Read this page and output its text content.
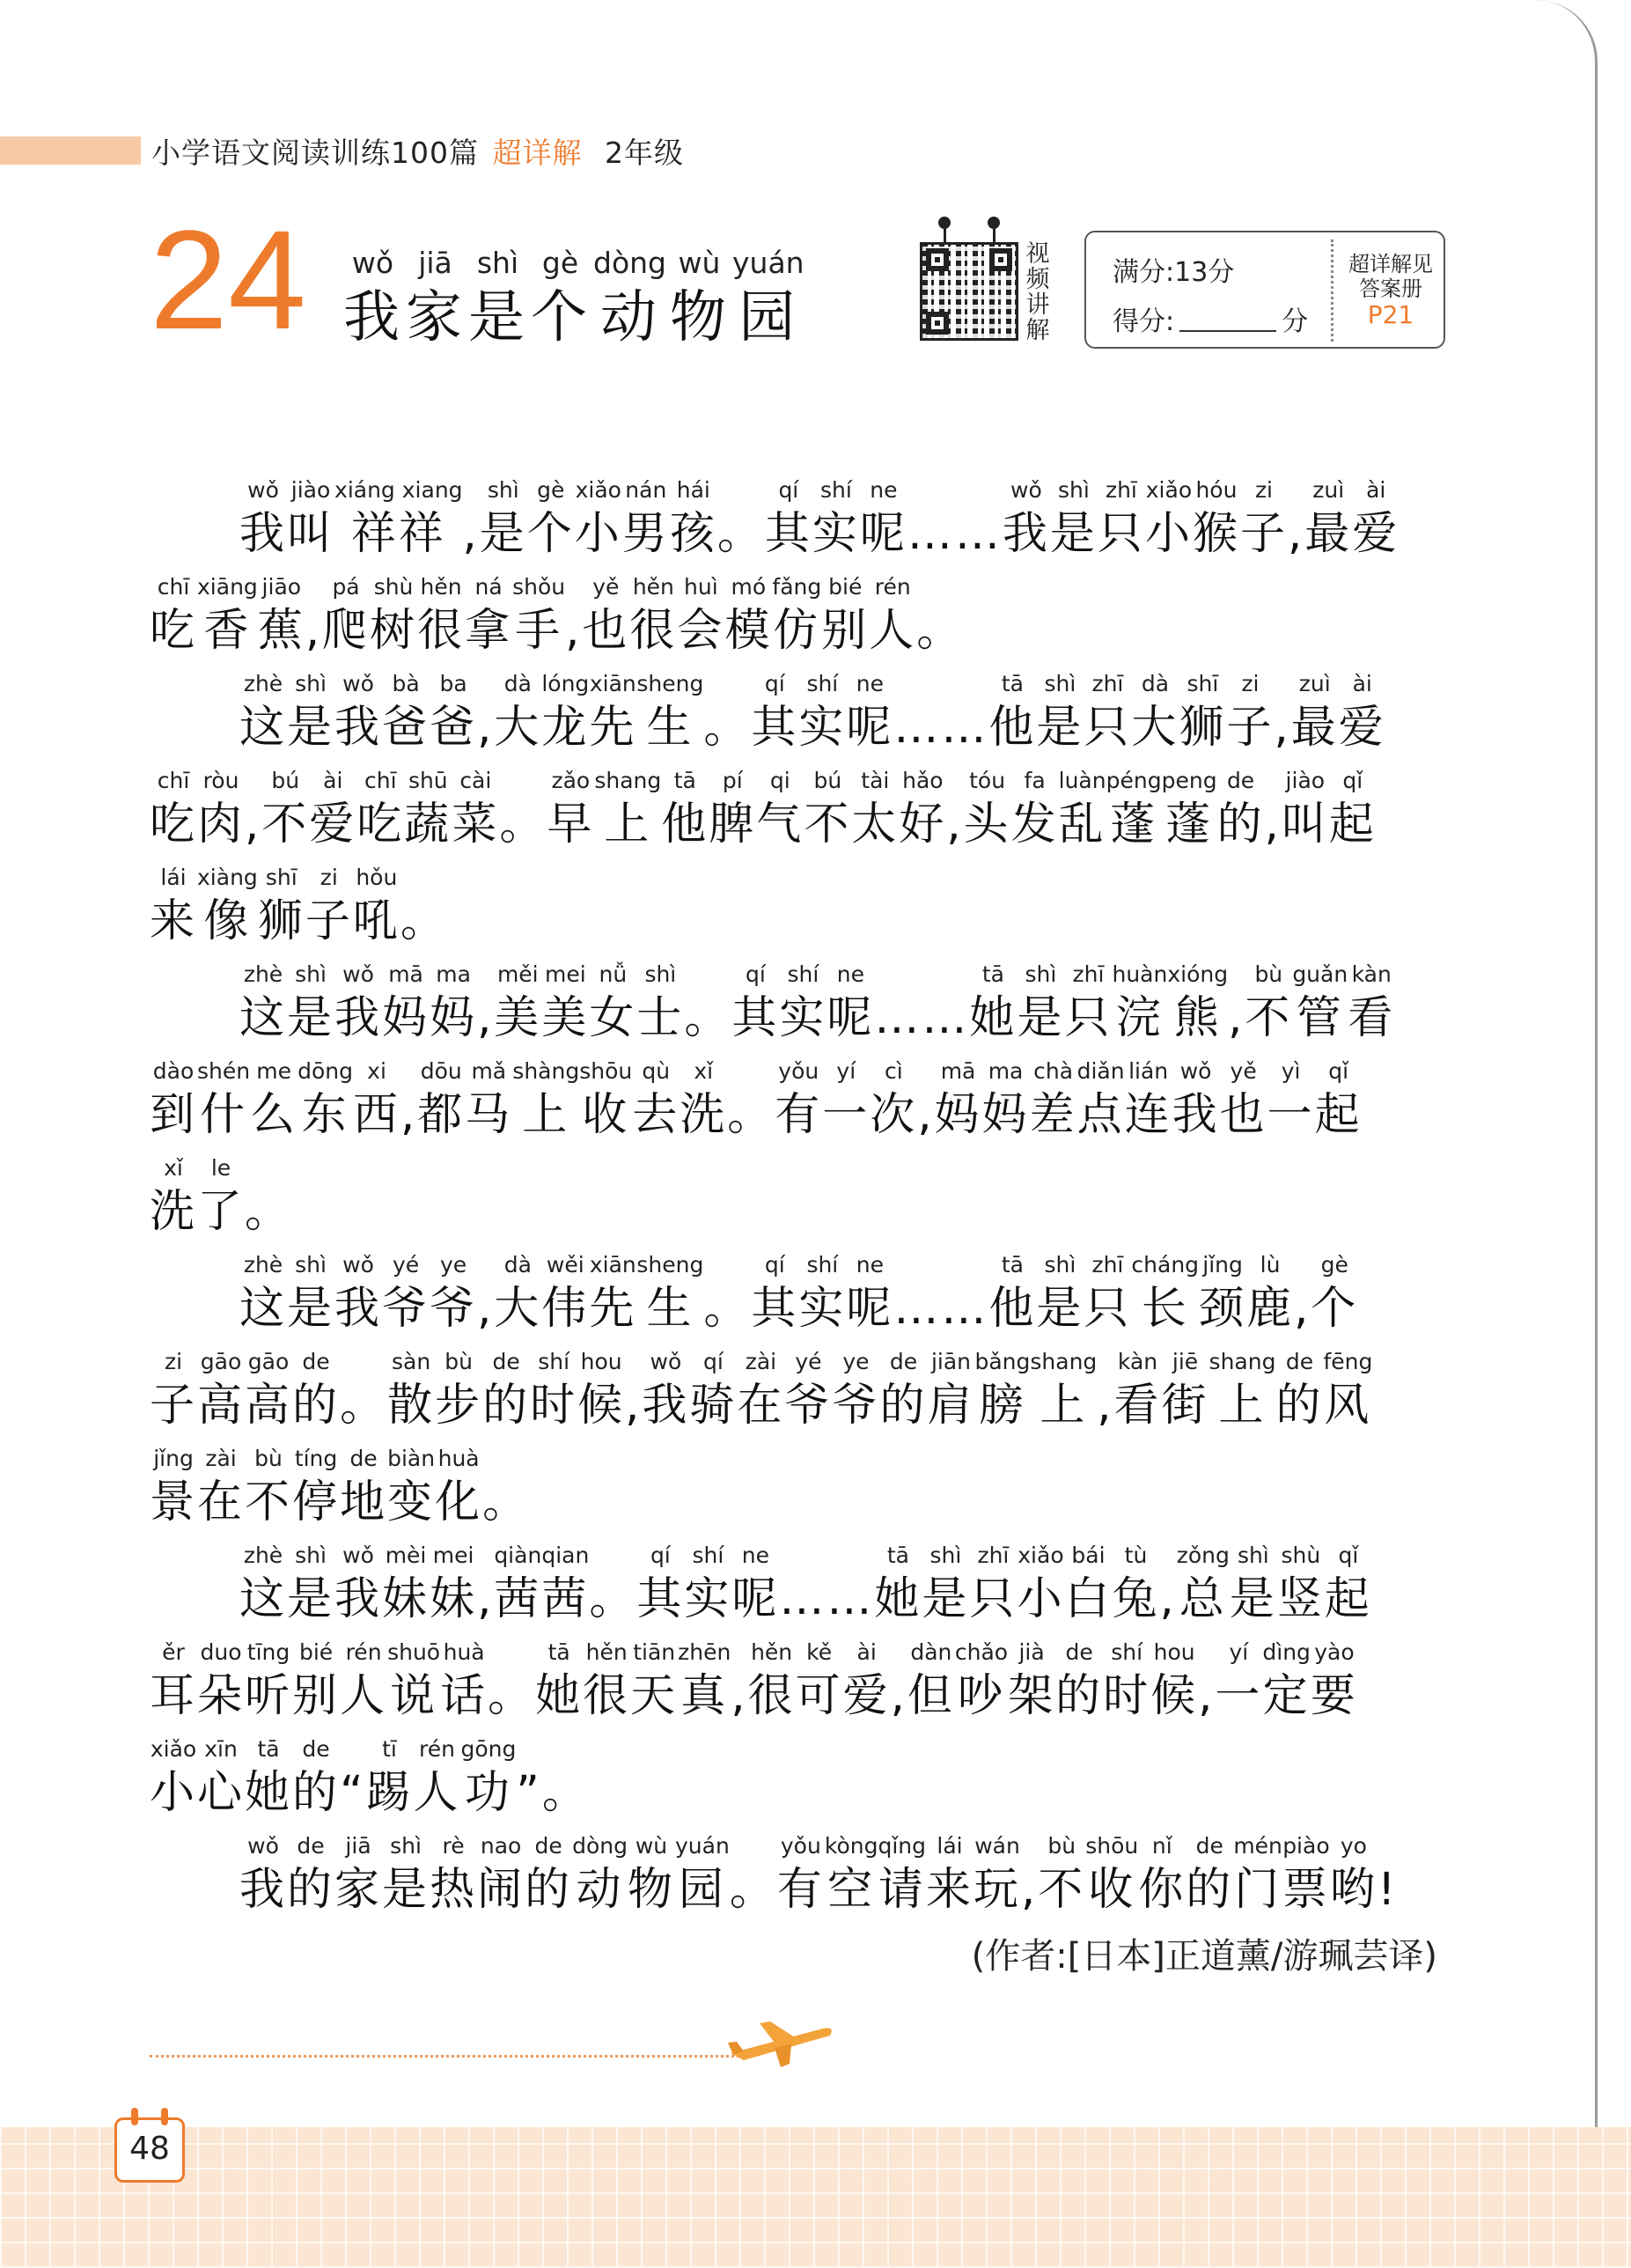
小学语文阅读训练100篇 超详解 2年级
24	wǒ
我
jiā
家
shì
是
gè
个
dòng
动
wù
物
yuán
园
视
频
讲
解
满分:13分
得分:	分
超详解见
答案册
P21
wǒ
我
jiào
叫
xiáng xiang
祥祥
,
shì
是
gè
个
xiǎo
小
nán
男
hái
孩
。
qí
其
shí
实
ne
呢
……
wǒ
我
shì
是
zhī
只
xiǎo
小
hóu
猴
zi
子
,
zuì
最
ài
爱
chī
吃
xiāng
香
jiāo
蕉
,
pá
爬
shù
树
hěn
很
ná
拿
shǒu
手
,
yě
也
hěn
很
huì
会
mó
模
fǎng
仿
bié
别
rén
人
。
zhè
这
shì
是
wǒ
我
bà
爸
ba
爸
,
dà
大
lóng
龙
xiān
先
sheng
生
。
qí
其
shí
实
ne
呢
……
tā
他
shì
是
zhī
只
dà
大
shī
狮
zi
子
,
zuì
最
ài
爱
chī
吃
ròu
肉
,
bú
不
ài
爱
chī
吃
shū
蔬
cài
菜
。
zǎo
早
shang
上
tā
他
pí
脾
qi
气
bú
不
tài
太
hǎo
好
,
tóu
头
fa
发
luàn
乱
péng
蓬
peng
蓬
de
的
,
jiào
叫
qǐ
起
lái
来
xiàng
像
shī
狮
zi
子
hǒu
吼
。
zhè
这
shì
是
wǒ
我
mā
妈
ma
妈
,
měi
美
mei
美
nǚ
女
shì
士
。
qí
其
shí
实
ne
呢
……
tā
她
shì
是
zhī
只
huàn
浣
xióng
熊
,
bù
不
guǎn
管
kàn
看
dào
到
shén
什
me
么
dōng
东
xi
西
,
dōu
都
mǎ
马
shàng
上
shōu
收
qù
去
xǐ
洗
。
yǒu
有
yí
一
cì
次
,
mā
妈
ma
妈
chà
差
diǎn
点
lián
连
wǒ
我
yě
也
yì
一
qǐ
起
xǐ
洗
le
了
。
zhè
这
shì
是
wǒ
我
yé
爷
ye
爷
,
dà
大
wěi
伟
xiān
先
sheng
生
。
qí
其
shí
实
ne
呢
……
tā
他
shì
是
zhī
只
cháng
长
jǐng
颈
lù
鹿
,
gè
个
zi
子
gāo
高
gāo
高
de
的
。
sàn
散
bù
步
de
的
shí
时
hou
候
,
wǒ
我
qí
骑
zài
在
yé
爷
ye
爷
de
的
jiān
肩
bǎng
膀
shang
上
,
kàn
看
jiē
街
shang
上
de
的
fēng
风
jǐng
景
zài
在
bù
不
tíng
停
de
地
biàn
变
huà
化
。
zhè
这
shì
是
wǒ
我
mèi
妹
mei
妹
,
qiàn
茜
qian
茜
。
qí
其
shí
实
ne
呢
……
tā
她
shì
是
zhī
只
xiǎo
小
bái
白
tù
兔
,
zǒng
总
shì
是
shù
竖
qǐ
起
ěr
耳
duo
朵
tīng
听
bié
别
rén
人
shuō
说
huà
话
。
tā
她
hěn
很
tiān
天
zhēn
真
,
hěn
很
kě
可
ài
爱
,
dàn
但
chǎo
吵
jià
架
de
的
shí
时
hou
候
,
yí
一
dìng
定
yào
要
xiǎo
小
xīn
心
tā
她
de
的
“
tī
踢
rén
人
gōng
功
”。
wǒ
我
de
的
jiā
家
shì
是
rè
热
nao
闹
de
的
dòng
动
wù
物
yuán
园
。
yǒu
有
kòng
空
qǐng
请
lái
来
wán
玩
,
bù
不
shōu
收
nǐ
你
de
的
mén
门
piào
票
yo
哟
!
(作者:[日本]正道薰/游珮芸译)
48
